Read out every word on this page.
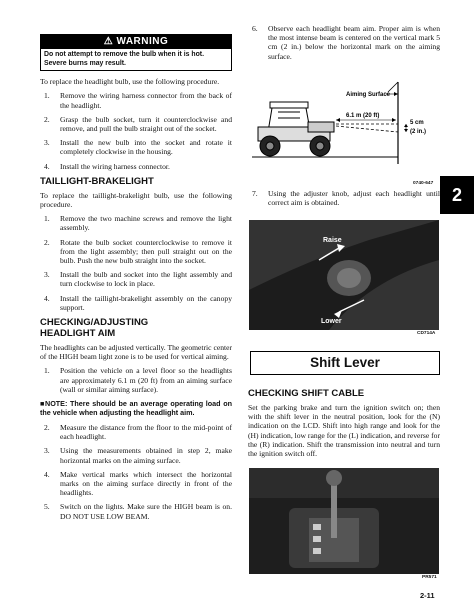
⚠ WARNING
Do not attempt to remove the bulb when it is hot. Severe burns may result.

To replace the headlight bulb, use the following procedure.

1.	Remove the wiring harness connector from the back of the headlight.
2.	Grasp the bulb socket, turn it counterclockwise and remove, and pull the bulb straight out of the socket.
3.	Install the new bulb into the socket and rotate it completely clockwise in the housing.
4.	Install the wiring harness connector.
TAILLIGHT-BRAKELIGHT

To replace the taillight-brakelight bulb, use the following procedure.

1.	Remove the two machine screws and remove the light assembly.
2.	Rotate the bulb socket counterclockwise to remove it from the light assembly; then pull straight out on the bulb. Push the new bulb straight into the socket.
3.	Install the bulb and socket into the light assembly and turn clockwise to lock in place.
4.	Install the taillight-brakelight assembly on the canopy support.
CHECKING/ADJUSTING
HEADLIGHT AIM

The headlights can be adjusted vertically. The geometric center of the HIGH beam light zone is to be used for vertical aiming.

1.	Position the vehicle on a level floor so the headlights are approximately 6.1 m (20 ft) from an aiming surface (wall or similar aiming surface).
■NOTE: There should be an average operating load on the vehicle when adjusting the headlight aim.
2.	Measure the distance from the floor to the mid-point of each headlight.
3.	Using the measurements obtained in step 2, make horizontal marks on the aiming surface.
4.	Make vertical marks which intersect the horizontal marks on the aiming surface directly in front of the headlights.
5.	Switch on the lights. Make sure the HIGH beam is on. DO NOT USE LOW BEAM.
6.	Observe each headlight beam aim. Proper aim is when the most intense beam is centered on the vertical mark 5 cm (2 in.) below the horizontal mark on the aiming surface.
Aiming Surface
6.1 m (20 ft)
5 cm
(2 in.)
0740-647
7.	Using the adjuster knob, adjust each headlight until correct aim is obtained.
Raise
Lower
CD714A
Shift Lever
CHECKING SHIFT CABLE

Set the parking brake and turn the ignition switch on; then with the shift lever in the neutral position, look for the (N) indication on the LCD. Shift into high range and look for the (H) indication, low range for the (L) indication, and reverse for the (R) indication. Shift the transmission into neutral and turn the ignition switch off.

PR571
2
2-11
